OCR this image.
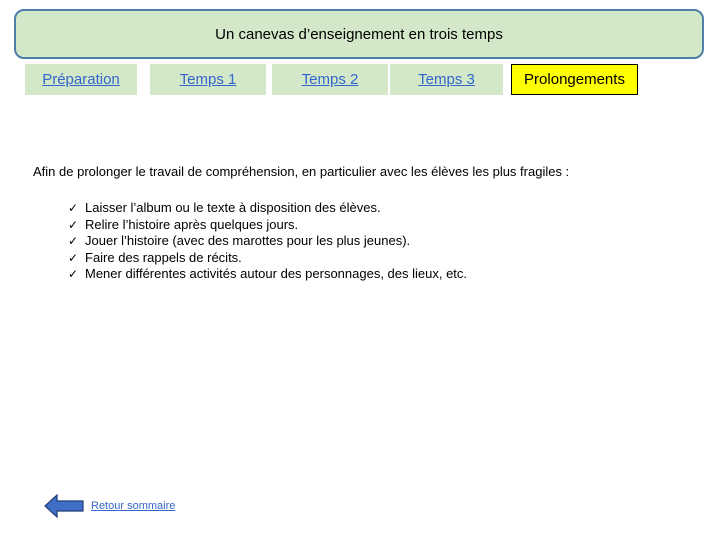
Un canevas d’enseignement en trois temps
Préparation	Temps 1	Temps 2	Temps 3	Prolongements
Afin de prolonger le travail de compréhension, en particulier avec les élèves les plus fragiles :
✓ Laisser l’album ou le texte à disposition des élèves.
✓ Relire l’histoire après quelques jours.
✓ Jouer l’histoire (avec des marottes pour les plus jeunes).
✓ Faire des rappels de récits.
✓ Mener différentes activités autour des personnages, des lieux, etc.
Retour sommaire
